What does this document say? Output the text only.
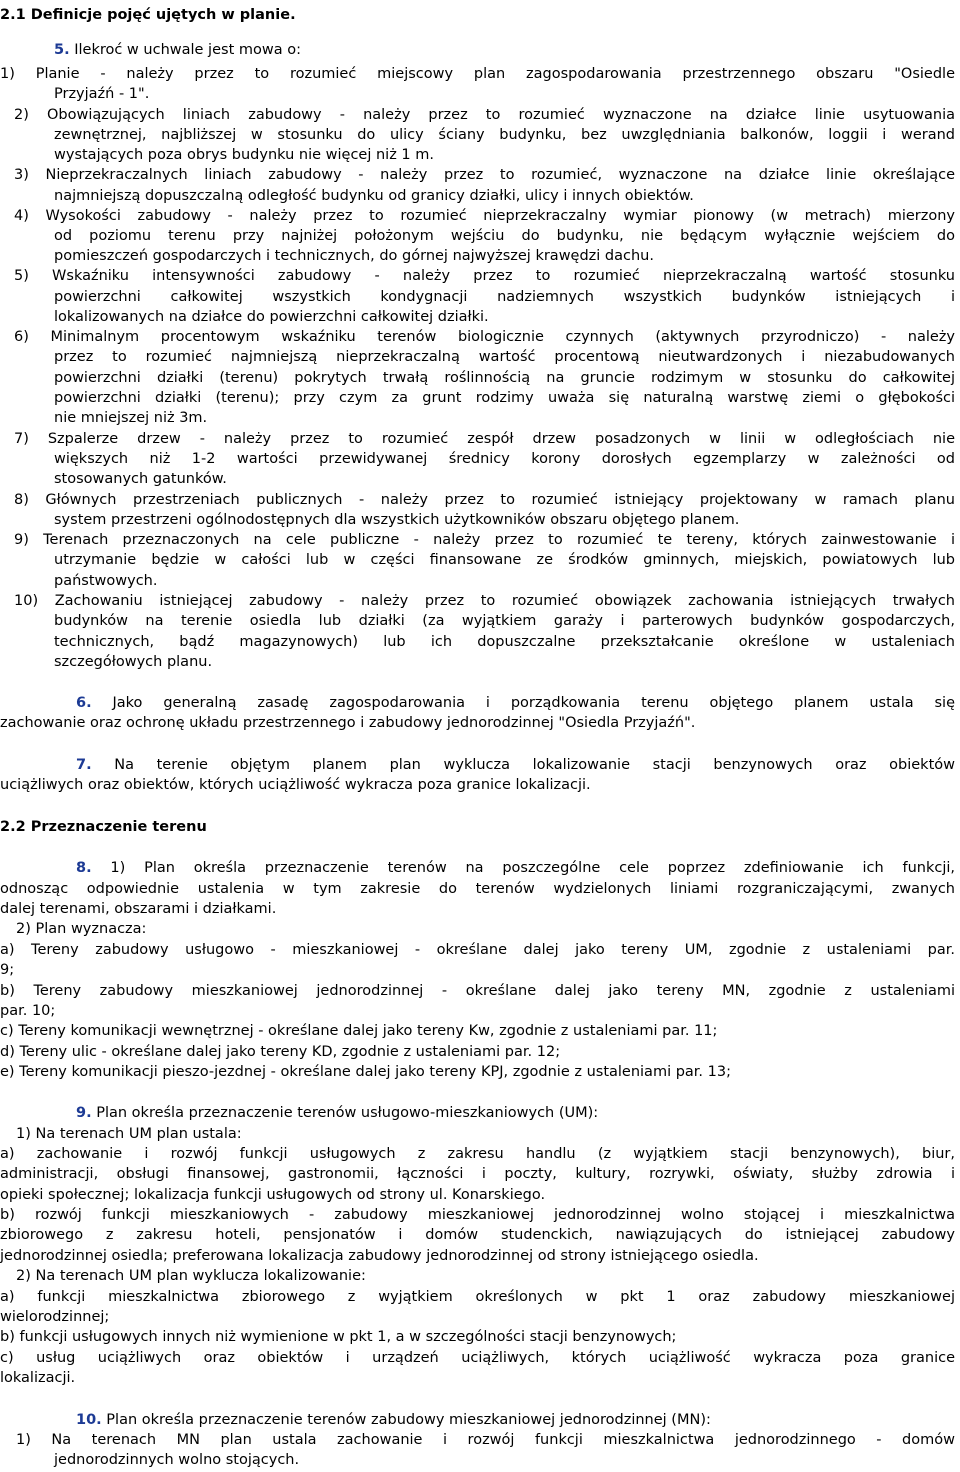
2.1 Definicje pojęć ujętych w planie.
5. Ilekroć w uchwale jest mowa o:
1) Planie - należy przez to rozumieć miejscowy plan zagospodarowania przestrzennego obszaru "Osiedle
Przyjaźń - 1".
2) Obowiązujących liniach zabudowy - należy przez to rozumieć wyznaczone na działce linie usytuowania
zewnętrznej, najbliższej w stosunku do ulicy ściany budynku, bez uwzględniania balkonów, loggii i werand
wystających poza obrys budynku nie więcej niż 1 m.
3) Nieprzekraczalnych liniach zabudowy - należy przez to rozumieć, wyznaczone na działce linie określające
najmniejszą dopuszczalną odległość budynku od granicy działki, ulicy i innych obiektów.
4) Wysokości zabudowy - należy przez to rozumieć nieprzekraczalny wymiar pionowy (w metrach) mierzony
od poziomu terenu przy najniżej położonym wejściu do budynku, nie będącym wyłącznie wejściem do
pomieszczeń gospodarczych i technicznych, do górnej najwyższej krawędzi dachu.
5) Wskaźniku intensywności zabudowy - należy przez to rozumieć nieprzekraczalną wartość stosunku
powierzchni całkowitej wszystkich kondygnacji nadziemnych wszystkich budynków istniejących i
lokalizowanych na działce do powierzchni całkowitej działki.
6) Minimalnym procentowym wskaźniku terenów biologicznie czynnych (aktywnych przyrodniczo) - należy
przez to rozumieć najmniejszą nieprzekraczalną wartość procentową nieutwardzonych i niezabudowanych
powierzchni działki (terenu) pokrytych trwałą roślinnością na gruncie rodzimym w stosunku do całkowitej
powierzchni działki (terenu); przy czym za grunt rodzimy uważa się naturalną warstwę ziemi o głębokości
nie mniejszej niż 3m.
7) Szpalerze drzew - należy przez to rozumieć zespół drzew posadzonych w linii w odległościach nie
większych niż 1-2 wartości przewidywanej średnicy korony dorosłych egzemplarzy w zależności od
stosowanych gatunków.
8) Głównych przestrzeniach publicznych - należy przez to rozumieć istniejący projektowany w ramach planu
system przestrzeni ogólnodostępnych dla wszystkich użytkowników obszaru objętego planem.
9) Terenach przeznaczonych na cele publiczne - należy przez to rozumieć te tereny, których zainwestowanie i
utrzymanie będzie w całości lub w części finansowane ze środków gminnych, miejskich, powiatowych lub
państwowych.
10) Zachowaniu istniejącej zabudowy - należy przez to rozumieć obowiązek zachowania istniejących trwałych
budynków na terenie osiedla lub działki (za wyjątkiem garaży i parterowych budynków gospodarczych,
technicznych, bądź magazynowych) lub ich dopuszczalne przekształcanie określone w ustaleniach
szczegółowych planu.
6. Jako generalną zasadę zagospodarowania i porządkowania terenu objętego planem ustala się
zachowanie oraz ochronę układu przestrzennego i zabudowy jednorodzinnej "Osiedla Przyjaźń".
7. Na terenie objętym planem plan wyklucza lokalizowanie stacji benzynowych oraz obiektów
uciążliwych oraz obiektów, których uciążliwość wykracza poza granice lokalizacji.
2.2 Przeznaczenie terenu
8. 1) Plan określa przeznaczenie terenów na poszczególne cele poprzez zdefiniowanie ich funkcji,
odnosząc odpowiednie ustalenia w tym zakresie do terenów wydzielonych liniami rozgraniczającymi, zwanych
dalej terenami, obszarami i działkami.
2) Plan wyznacza:
a) Tereny zabudowy usługowo - mieszkaniowej - określane dalej jako tereny UM, zgodnie z ustaleniami par.
9;
b) Tereny zabudowy mieszkaniowej jednorodzinnej - określane dalej jako tereny MN, zgodnie z ustaleniami
par. 10;
c) Tereny komunikacji wewnętrznej - określane dalej jako tereny Kw, zgodnie z ustaleniami par. 11;
d) Tereny ulic - określane dalej jako tereny KD, zgodnie z ustaleniami par. 12;
e) Tereny komunikacji pieszo-jezdnej - określane dalej jako tereny KPJ, zgodnie z ustaleniami par. 13;
9. Plan określa przeznaczenie terenów usługowo-mieszkaniowych (UM):
1) Na terenach UM plan ustala:
a) zachowanie i rozwój funkcji usługowych z zakresu handlu (z wyjątkiem stacji benzynowych), biur,
administracji, obsługi finansowej, gastronomii, łączności i poczty, kultury, rozrywki, oświaty, służby zdrowia i
opieki społecznej; lokalizacja funkcji usługowych od strony ul. Konarskiego.
b) rozwój funkcji mieszkaniowych - zabudowy mieszkaniowej jednorodzinnej wolno stojącej i mieszkalnictwa
zbiorowego z zakresu hoteli, pensjonatów i domów studenckich, nawiązujących do istniejącej zabudowy
jednorodzinnej osiedla; preferowana lokalizacja zabudowy jednorodzinnej od strony istniejącego osiedla.
2) Na terenach UM plan wyklucza lokalizowanie:
a) funkcji mieszkalnictwa zbiorowego z wyjątkiem określonych w pkt 1 oraz zabudowy mieszkaniowej
wielorodzinnej;
b) funkcji usługowych innych niż wymienione w pkt 1, a w szczególności stacji benzynowych;
c) usług uciążliwych oraz obiektów i urządzeń uciążliwych, których uciążliwość wykracza poza granice
lokalizacji.
10. Plan określa przeznaczenie terenów zabudowy mieszkaniowej jednorodzinnej (MN):
1) Na terenach MN plan ustala zachowanie i rozwój funkcji mieszkalnictwa jednorodzinnego - domów
jednorodzinnych wolno stojących.
